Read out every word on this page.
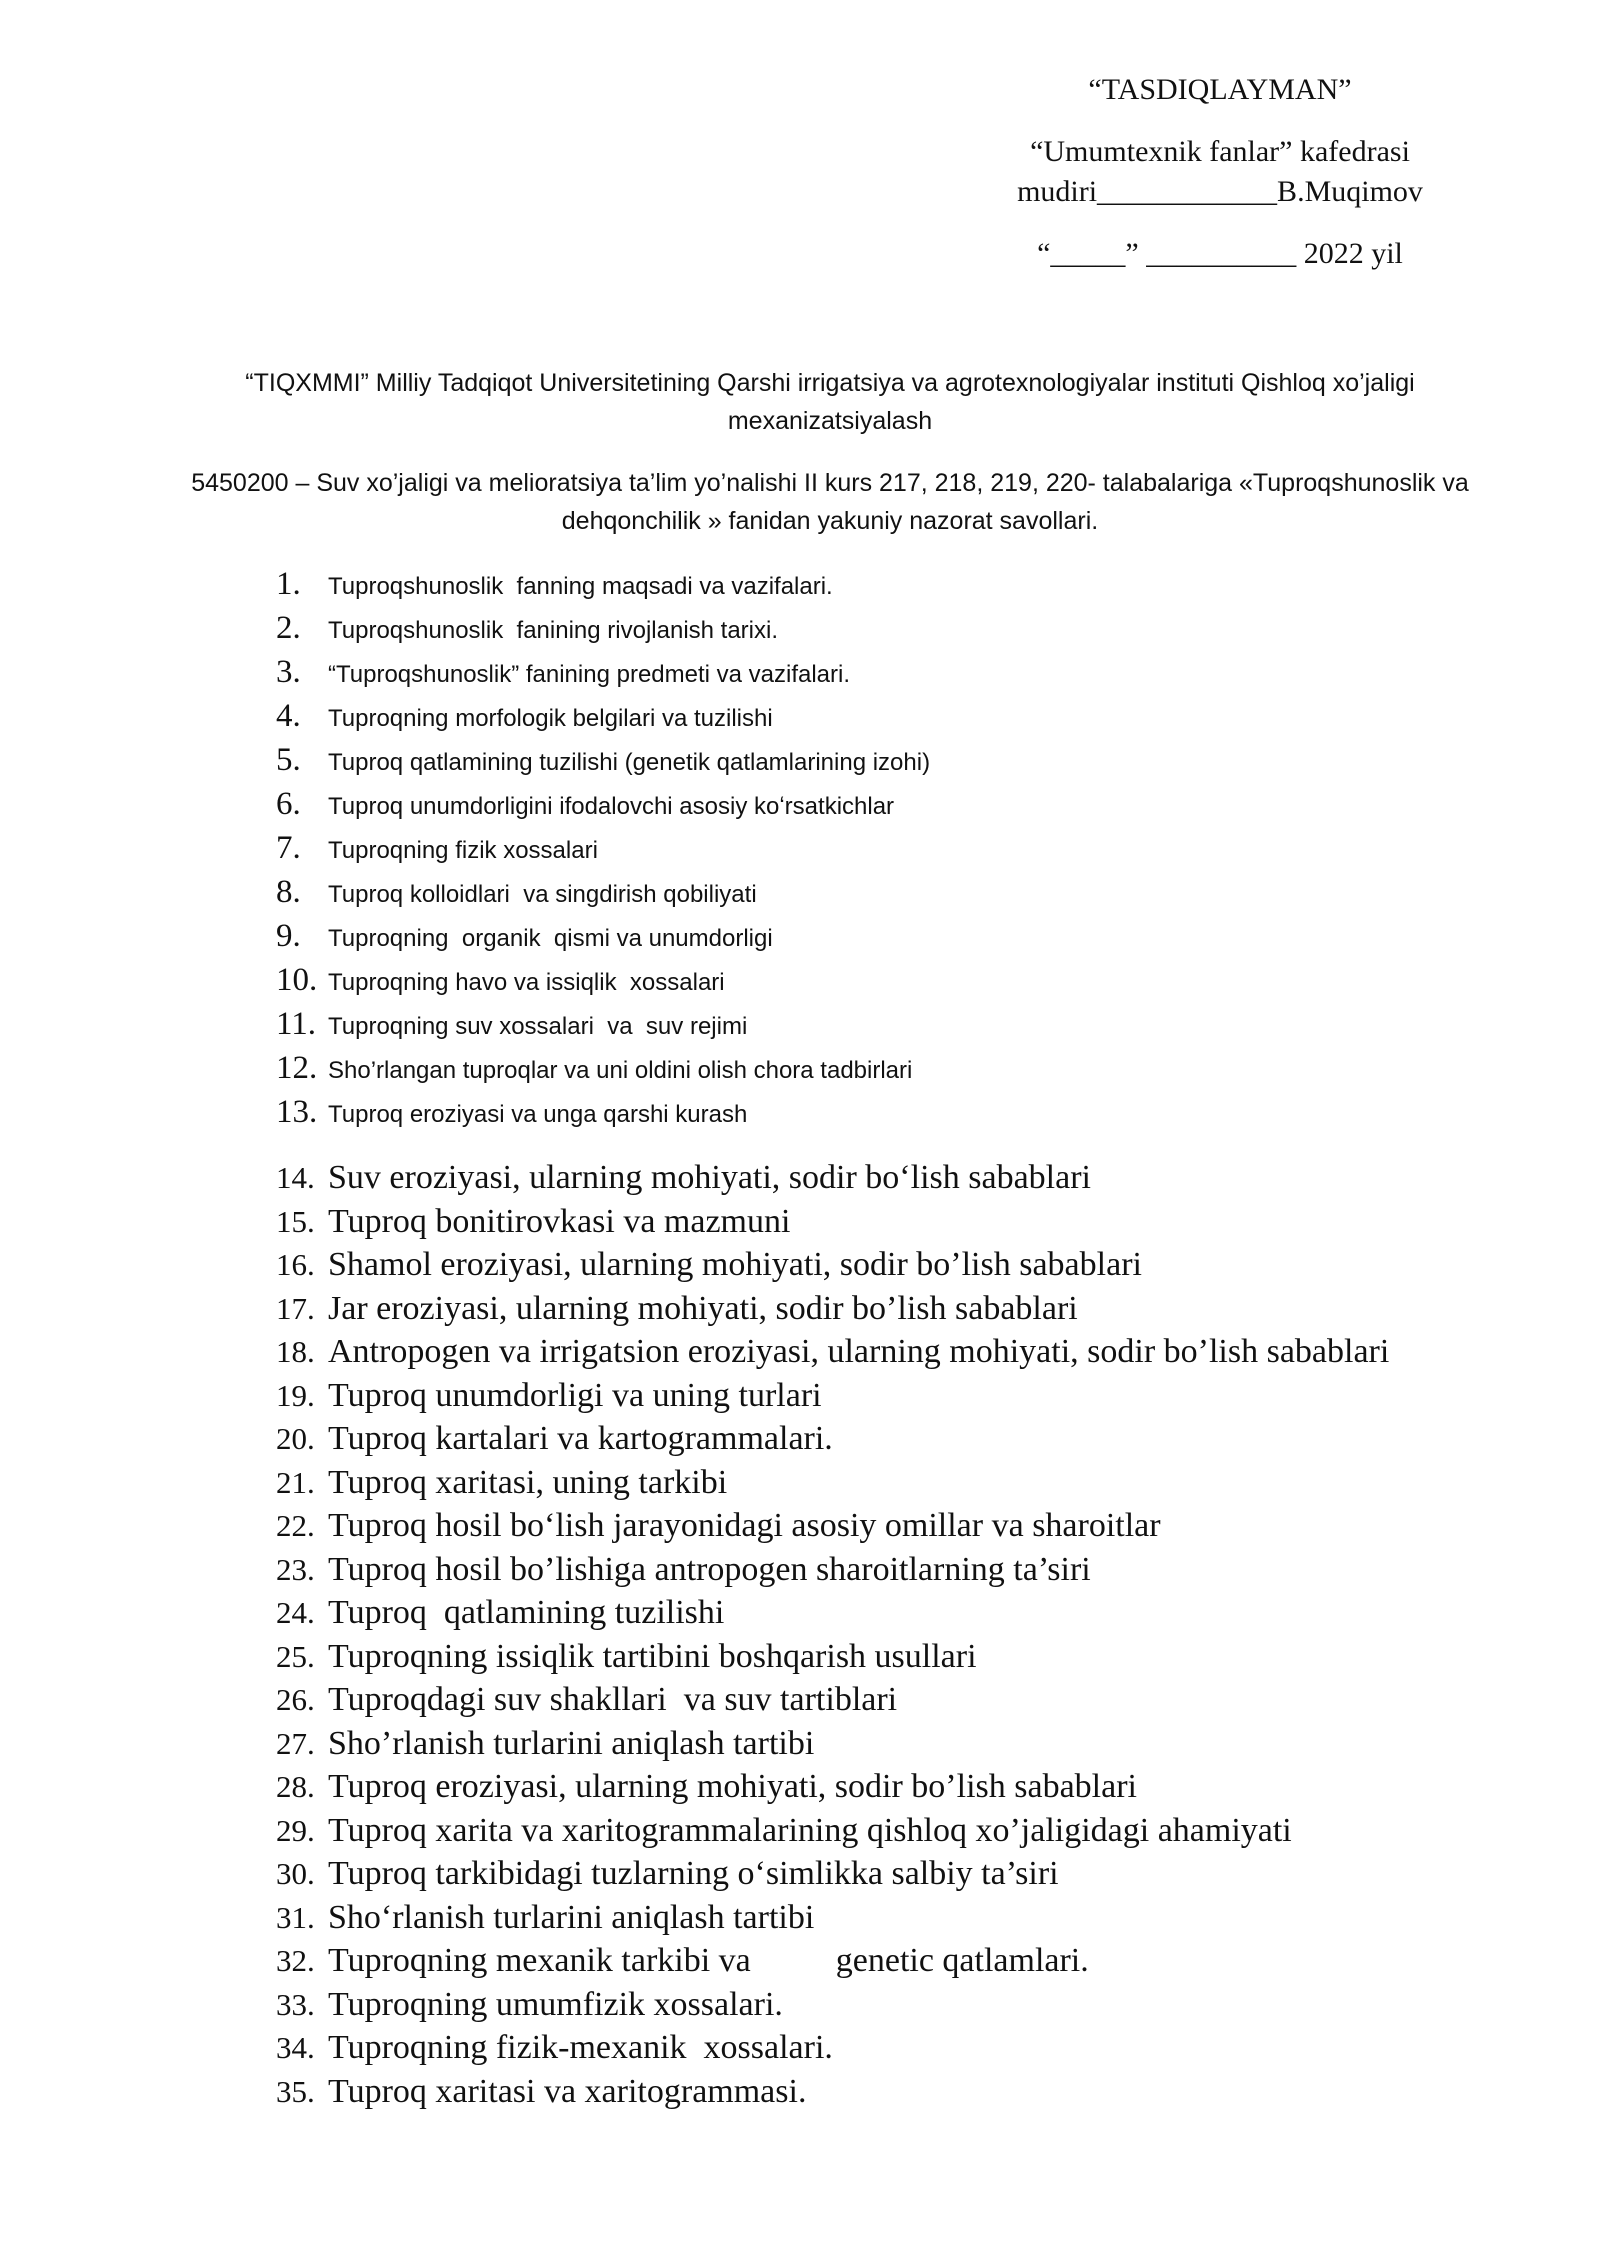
“TASDIQLAYMAN”
“Umumtexnik fanlar” kafedrasi
mudiri____________B.Muqimov
“_____” __________ 2022 yil
“TIQXMMI” Milliy Tadqiqot Universitetining Qarshi irrigatsiya va agrotexnologiyalar instituti Qishloq xo’jaligi mexanizatsiyalash
5450200 – Suv xo’jaligi va melioratsiya ta’lim yo’nalishi II kurs 217, 218, 219, 220- talabalariga «Tuproqshunoslik va dehqonchilik » fanidan yakuniy nazorat savollari.
1.	Tuproqshunoslik  fanning maqsadi va vazifalari.
2.	Tuproqshunoslik  fanining rivojlanish tarixi.
3.	“Tuproqshunoslik” fanining predmeti va vazifalari.
4.	Tuproqning morfologik belgilari va tuzilishi
5.	Tuproq qatlamining tuzilishi (genetik qatlamlarining izohi)
6.	Tuproq unumdorligini ifodalovchi asosiy koʻrsatkichlar
7.	Tuproqning fizik xossalari
8.	Tuproq kolloidlari  va singdirish qobiliyati
9.	Tuproqning  organik  qismi va unumdorligi
10. Tuproqning havo va issiqlik  xossalari
11. Tuproqning suv xossalari  va  suv rejimi
12. Sho’rlangan tuproqlar va uni oldini olish chora tadbirlari
13. Tuproq eroziyasi va unga qarshi kurash
14. Suv eroziyasi, ularning mohiyati, sodir boʻlish sabablari
15. Tuproq bonitirovkasi va mazmuni
16. Shamol eroziyasi, ularning mohiyati, sodir bo’lish sabablari
17. Jar eroziyasi, ularning mohiyati, sodir bo’lish sabablari
18. Antropogen va irrigatsion eroziyasi, ularning mohiyati, sodir bo’lish sabablari
19. Tuproq unumdorligi va uning turlari
20. Tuproq kartalari va kartogrammalari.
21. Tuproq xaritasi, uning tarkibi
22. Tuproq hosil boʻlish jarayonidagi asosiy omillar va sharoitlar
23. Tuproq hosil bo’lishiga antropogen sharoitlarning ta’siri
24. Tuproq  qatlamining tuzilishi
25. Tuproqning issiqlik tartibini boshqarish usullari
26. Tuproqdagi suv shakllari  va suv tartiblari
27. Sho’rlanish turlarini aniqlash tartibi
28. Tuproq eroziyasi, ularning mohiyati, sodir bo’lish sabablari
29. Tuproq xarita va xaritogrammalarining qishloq xo’jaligidagi ahamiyati
30. Tuproq tarkibidagi tuzlarning oʻsimlikka salbiy ta’siri
31. Shoʻrlanish turlarini aniqlash tartibi
32. Tuproqning mexanik tarkibi va          genetic qatlamlari.
33. Tuproqning umumfizik xossalari.
34. Tuproqning fizik-mexanik  xossalari.
35. Tuproq xaritasi va xaritogrammasi.
